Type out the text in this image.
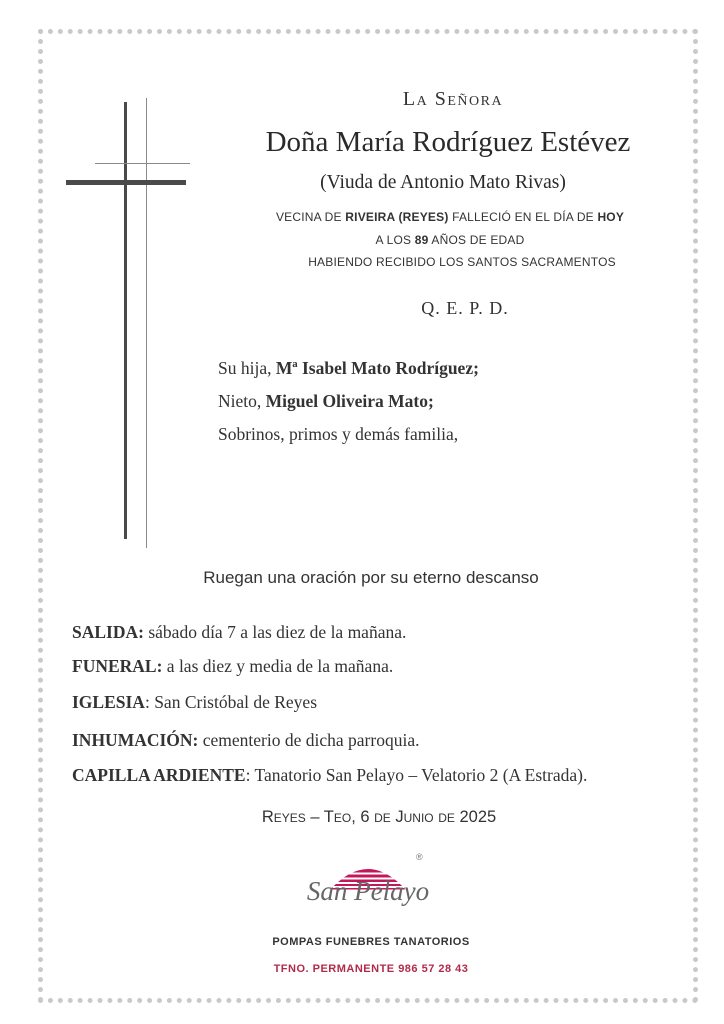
La Señora
Doña María Rodríguez Estévez
(Viuda de Antonio Mato Rivas)
VECINA DE RIVEIRA (REYES) FALLECIÓ EN EL DÍA DE HOY
A LOS 89 AÑOS DE EDAD
HABIENDO RECIBIDO LOS SANTOS SACRAMENTOS
Q. E. P. D.
Su hija, Mª Isabel Mato Rodríguez;
Nieto, Miguel Oliveira Mato;
Sobrinos, primos y demás familia,
Ruegan una oración por su eterno descanso
SALIDA: sábado día 7 a las diez de la mañana.
FUNERAL: a las diez y media de la mañana.
IGLESIA: San Cristóbal de Reyes
INHUMACIÓN: cementerio de dicha parroquia.
CAPILLA ARDIENTE: Tanatorio San Pelayo – Velatorio 2 (A Estrada).
Reyes – Teo, 6 de Junio de 2025
®
San Pelayo
POMPAS FUNEBRES TANATORIOS
TFNO. PERMANENTE 986 57 28 43
